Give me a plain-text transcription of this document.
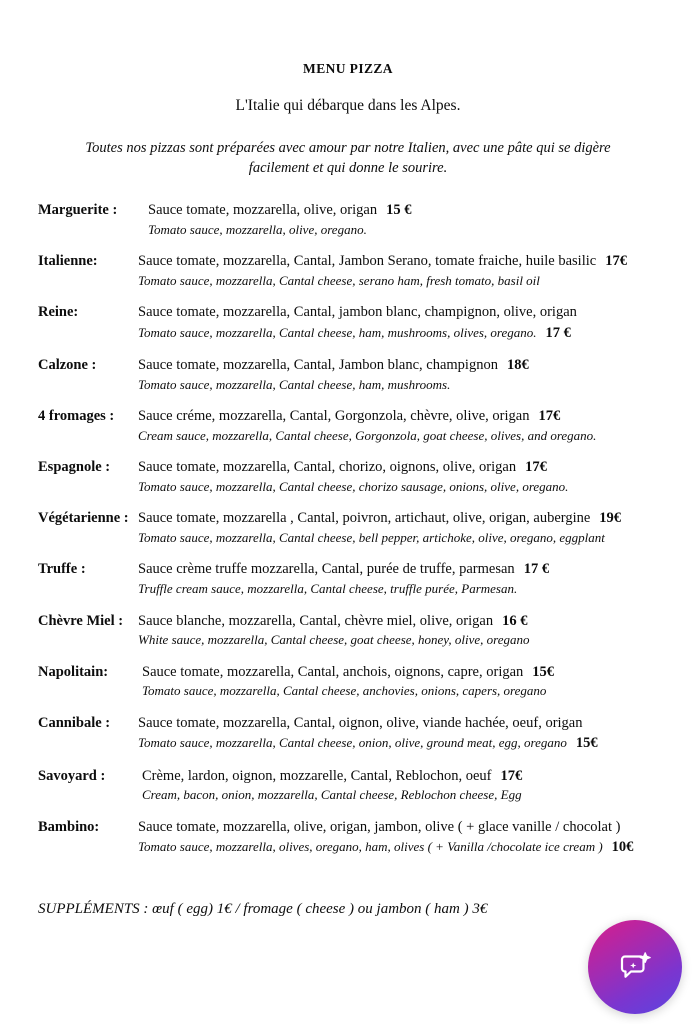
MENU PIZZA

L'Italie qui débarque dans les Alpes.

Toutes nos pizzas sont préparées avec amour par notre Italien, avec une pâte qui se digère facilement et qui donne le sourire.

Marguerite :	Sauce tomate, mozzarella, olive, origan 15 €
Tomato sauce, mozzarella, olive, oregano.
Italienne:	Sauce tomate, mozzarella, Cantal, Jambon Serano, tomate fraiche, huile basilic 17€
Tomato sauce, mozzarella, Cantal cheese, serano ham, fresh tomato, basil oil
Reine:	Sauce tomate, mozzarella, Cantal, jambon blanc, champignon, olive, origan
Tomato sauce, mozzarella, Cantal cheese, ham, mushrooms, olives, oregano. 17 €
Calzone :	Sauce tomate, mozzarella, Cantal, Jambon blanc, champignon 18€
Tomato sauce, mozzarella, Cantal cheese, ham, mushrooms.
4 fromages :	Sauce créme, mozzarella, Cantal, Gorgonzola, chèvre, olive, origan 17€
Cream sauce, mozzarella, Cantal cheese, Gorgonzola, goat cheese, olives, and oregano.
Espagnole :	Sauce tomate, mozzarella, Cantal, chorizo, oignons, olive, origan 17€
Tomato sauce, mozzarella, Cantal cheese, chorizo sausage, onions, olive, oregano.
Végétarienne : Sauce tomate, mozzarella , Cantal, poivron, artichaut, olive, origan, aubergine 19€
Tomato sauce, mozzarella, Cantal cheese, bell pepper, artichoke, olive, oregano, eggplant
Truffe :	Sauce crème truffe mozzarella, Cantal, purée de truffe, parmesan 17 €
Truffle cream sauce, mozzarella, Cantal cheese, truffle purée, Parmesan.
Chèvre Miel :	Sauce blanche, mozzarella, Cantal, chèvre miel, olive, origan 16 €
White sauce, mozzarella, Cantal cheese, goat cheese, honey, olive, oregano
Napolitain:	Sauce tomate, mozzarella, Cantal, anchois, oignons, capre, origan 15€
Tomato sauce, mozzarella, Cantal cheese, anchovies, onions, capers, oregano
Cannibale :	Sauce tomate, mozzarella, Cantal, oignon, olive, viande hachée, oeuf, origan
Tomato sauce, mozzarella, Cantal cheese, onion, olive, ground meat, egg, oregano 15€
Savoyard :	Crème, lardon, oignon, mozzarelle, Cantal, Reblochon, oeuf 17€
Cream, bacon, onion, mozzarella, Cantal cheese, Reblochon cheese, Egg
Bambino:	Sauce tomate, mozzarella, olive, origan, jambon, olive ( + glace vanille / chocolat )
Tomato sauce, mozzarella, olives, oregano, ham, olives ( + Vanilla /chocolate ice cream ) 10€

SUPPLÉMENTS : œuf ( egg) 1€ / fromage ( cheese ) ou jambon ( ham ) 3€
